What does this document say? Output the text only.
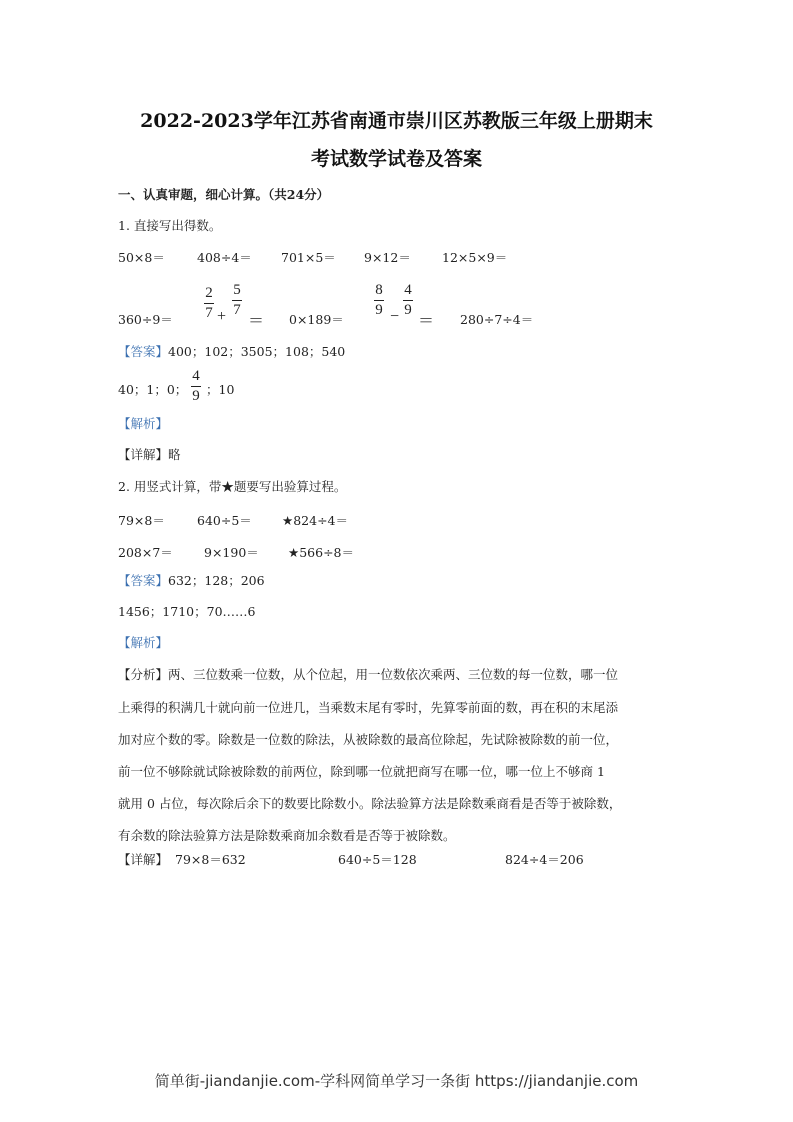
2022-2023学年江苏省南通市崇川区苏教版三年级上册期末
考试数学试卷及答案
一、认真审题，细心计算。（共24分）
1. 直接写出得数。
50×8＝	408÷4＝ 701×5＝ 9×12＝ 12×5×9＝
360÷9＝
2
7 +
5
7
＝ 0×189＝
8
9 −
4
9
＝ 280÷7÷4＝
【答案】400；102；3505；108；540
40；1；0；
4
9 ；10
【解析】
【详解】略
2. 用竖式计算，带★题要写出验算过程。
79×8＝	640÷5＝ ★824÷4＝
208×7＝ 9×190＝ ★566÷8＝
【答案】632；128；206
1456；1710；70……6
【解析】
【分析】两、三位数乘一位数，从个位起，用一位数依次乘两、三位数的每一位数，哪一位
上乘得的积满几十就向前一位进几，当乘数末尾有零时，先算零前面的数，再在积的末尾添
加对应个数的零。除数是一位数的除法，从被除数的最高位除起，先试除被除数的前一位，
前一位不够除就试除被除数的前两位，除到哪一位就把商写在哪一位，哪一位上不够商 1
就用 0 占位，每次除后余下的数要比除数小。除法验算方法是除数乘商看是否等于被除数，
有余数的除法验算方法是除数乘商加余数看是否等于被除数。
【详解】 79×8＝632	640÷5＝128	824÷4＝206
简单街-jiandanjie.com-学科网简单学习一条街 https://jiandanjie.com
